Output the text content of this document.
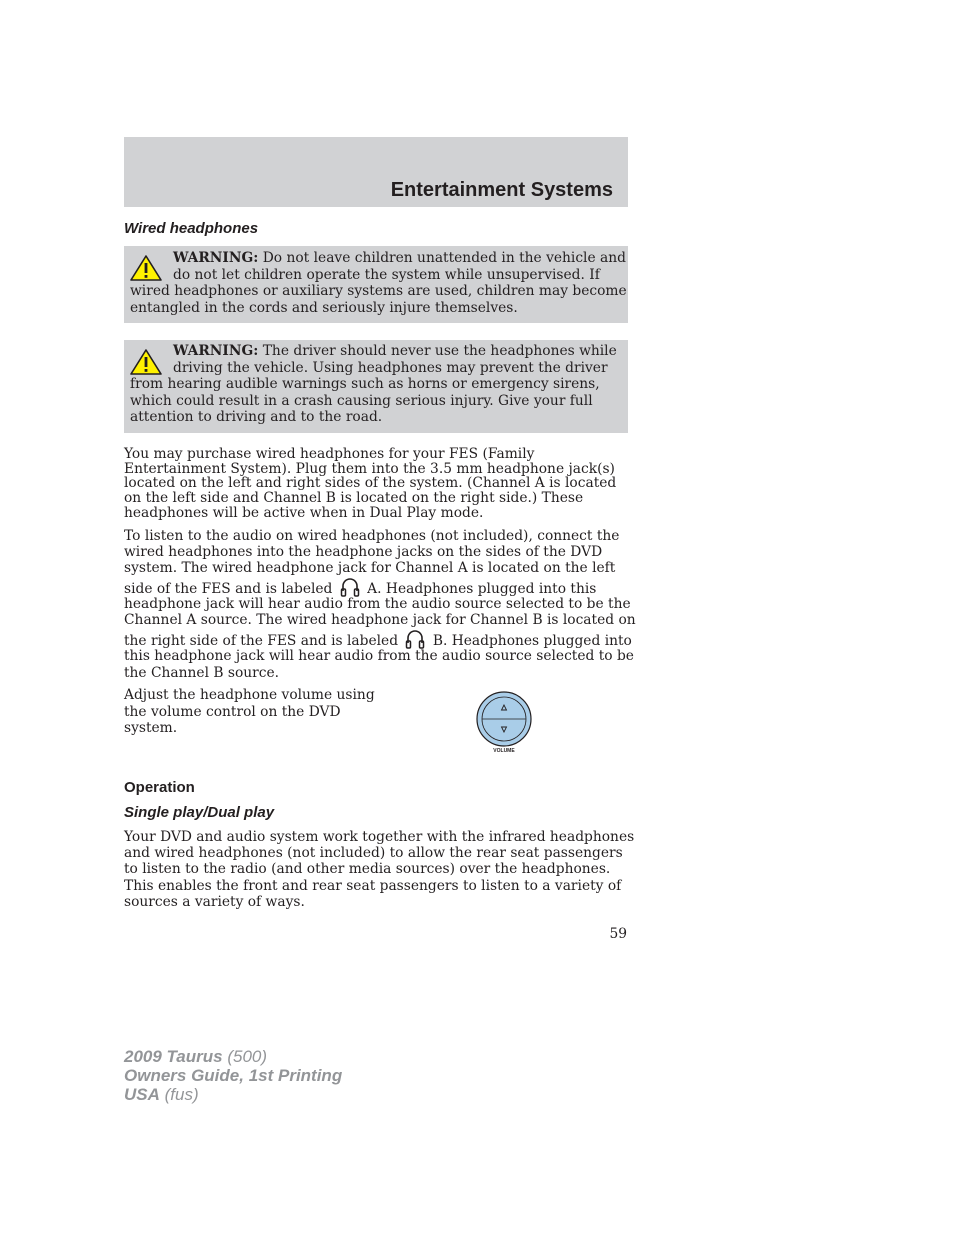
Entertainment Systems
Wired headphones
WARNING: Do not leave children unattended in the vehicle and
do not let children operate the system while unsupervised. If
wired headphones or auxiliary systems are used, children may become
entangled in the cords and seriously injure themselves.
WARNING: The driver should never use the headphones while
driving the vehicle. Using headphones may prevent the driver
from hearing audible warnings such as horns or emergency sirens,
which could result in a crash causing serious injury. Give your full
attention to driving and to the road.
You may purchase wired headphones for your FES (Family
Entertainment System). Plug them into the 3.5 mm headphone jack(s)
located on the left and right sides of the system. (Channel A is located
on the left side and Channel B is located on the right side.) These
headphones will be active when in Dual Play mode.
To listen to the audio on wired headphones (not included), connect the
wired headphones into the headphone jacks on the sides of the DVD
system. The wired headphone jack for Channel A is located on the left
side of the FES and is labeled	A. Headphones plugged into this
headphone jack will hear audio from the audio source selected to be the
Channel A source. The wired headphone jack for Channel B is located on
the right side of the FES and is labeled	B. Headphones plugged into
this headphone jack will hear audio from the audio source selected to be
the Channel B source.
Adjust the headphone volume using
the volume control on the DVD
system.
VOLUME
Operation
Single play/Dual play
Your DVD and audio system work together with the infrared headphones
and wired headphones (not included) to allow the rear seat passengers
to listen to the radio (and other media sources) over the headphones.
This enables the front and rear seat passengers to listen to a variety of
sources a variety of ways.
59
2009 Taurus (500)
Owners Guide, 1st Printing
USA (fus)
